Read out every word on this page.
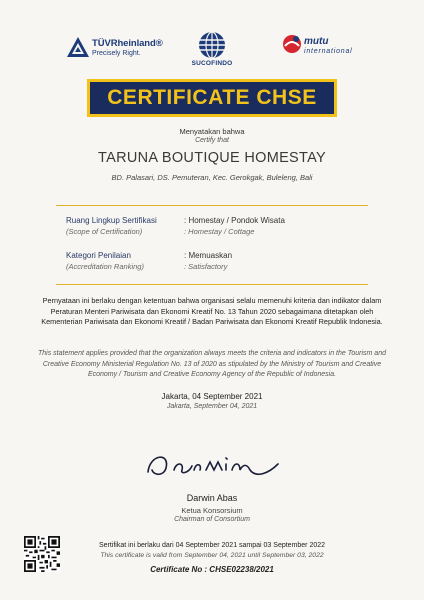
TÜVRheinland®
Precisely Right.
SUCOFINDO
mutu
international
CERTIFICATE CHSE
Menyatakan bahwa
Certify that
TARUNA BOUTIQUE HOMESTAY
BD. Palasari, DS. Pemuteran, Kec. Gerokgak, Buleleng, Bali
Ruang Lingkup Sertifikasi
(Scope of Certification)
: Homestay / Pondok Wisata
: Homestay / Cottage
Kategori Penilaian
(Accreditation Ranking)
: Memuaskan
: Satisfactory
Pernyataan ini berlaku dengan ketentuan bahwa organisasi selalu memenuhi kriteria dan indikator dalam Peraturan Menteri Pariwisata dan Ekonomi Kreatif No. 13 Tahun 2020 sebagaimana ditetapkan oleh Kementerian Pariwisata dan Ekonomi Kreatif / Badan Pariwisata dan Ekonomi Kreatif Republik Indonesia.
This statement applies provided that the organization always meets the criteria and indicators in the Tourism and Creative Economy Ministerial Regulation No. 13 of 2020 as stipulated by the Ministry of Tourism and Creative Economy / Tourism and Creative Economy Agency of the Republic of Indonesia.
Jakarta, 04 September 2021
Jakarta, September 04, 2021
Darwin Abas
Ketua Konsorsium
Chairman of Consortium
Sertifikat ini berlaku dari 04 September 2021 sampai 03 September 2022
This certificate is valid from September 04, 2021 until September 03, 2022
Certificate No : CHSE02238/2021
